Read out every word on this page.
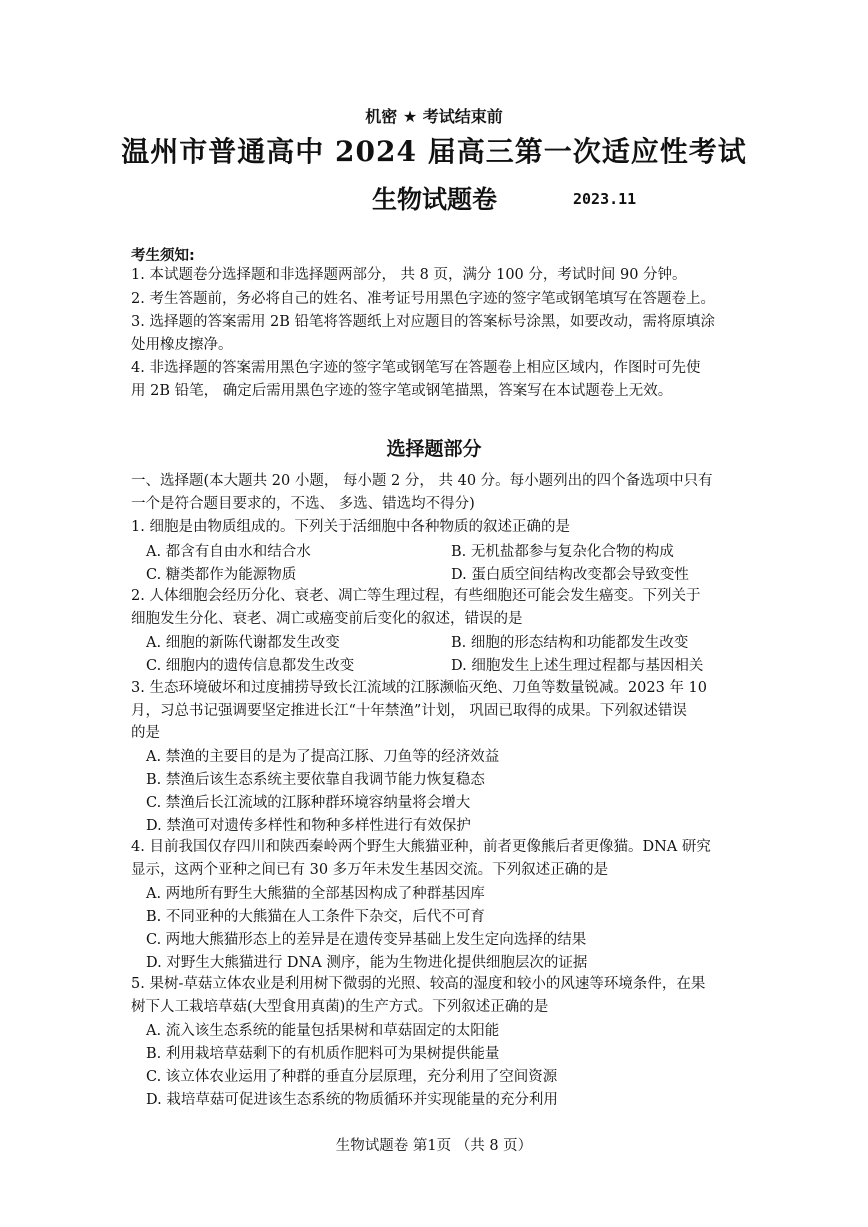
机密 ★ 考试结束前
温州市普通高中 2024 届高三第一次适应性考试
生物试题卷	2023.11
考生须知:
1. 本试题卷分选择题和非选择题两部分， 共 8 页，满分 100 分，考试时间 90 分钟。
2. 考生答题前，务必将自己的姓名、准考证号用黑色字迹的签字笔或钢笔填写在答题卷上。
3. 选择题的答案需用 2B 铅笔将答题纸上对应题目的答案标号涂黑，如要改动，需将原填涂
处用橡皮擦净。
4. 非选择题的答案需用黑色字迹的签字笔或钢笔写在答题卷上相应区域内，作图时可先使
用 2B 铅笔， 确定后需用黑色字迹的签字笔或钢笔描黑，答案写在本试题卷上无效。
选择题部分
一、选择题(本大题共 20 小题， 每小题 2 分， 共 40 分。每小题列出的四个备选项中只有
一个是符合题目要求的，不选、 多选、错选均不得分)
1. 细胞是由物质组成的。下列关于活细胞中各种物质的叙述正确的是
A. 都含有自由水和结合水	B. 无机盐都参与复杂化合物的构成
C. 糖类都作为能源物质	D. 蛋白质空间结构改变都会导致变性
2. 人体细胞会经历分化、衰老、凋亡等生理过程，有些细胞还可能会发生癌变。下列关于
细胞发生分化、衰老、凋亡或癌变前后变化的叙述，错误的是
A. 细胞的新陈代谢都发生改变	B. 细胞的形态结构和功能都发生改变
C. 细胞内的遗传信息都发生改变	D. 细胞发生上述生理过程都与基因相关
3. 生态环境破坏和过度捕捞导致长江流域的江豚濒临灭绝、刀鱼等数量锐减。2023 年 10
月，习总书记强调要坚定推进长江“十年禁渔”计划， 巩固已取得的成果。下列叙述错误
的是
A. 禁渔的主要目的是为了提高江豚、刀鱼等的经济效益
B. 禁渔后该生态系统主要依靠自我调节能力恢复稳态
C. 禁渔后长江流域的江豚种群环境容纳量将会增大
D. 禁渔可对遗传多样性和物种多样性进行有效保护
4. 目前我国仅存四川和陕西秦岭两个野生大熊猫亚种，前者更像熊后者更像猫。DNA 研究
显示，这两个亚种之间已有 30 多万年未发生基因交流。下列叙述正确的是
A. 两地所有野生大熊猫的全部基因构成了种群基因库
B. 不同亚种的大熊猫在人工条件下杂交，后代不可育
C. 两地大熊猫形态上的差异是在遗传变异基础上发生定向选择的结果
D. 对野生大熊猫进行 DNA 测序，能为生物进化提供细胞层次的证据
5. 果树-草菇立体农业是利用树下微弱的光照、较高的湿度和较小的风速等环境条件，在果
树下人工栽培草菇(大型食用真菌)的生产方式。下列叙述正确的是
A. 流入该生态系统的能量包括果树和草菇固定的太阳能
B. 利用栽培草菇剩下的有机质作肥料可为果树提供能量
C. 该立体农业运用了种群的垂直分层原理，充分利用了空间资源
D. 栽培草菇可促进该生态系统的物质循环并实现能量的充分利用
生物试题卷 第1页 （共 8 页）
